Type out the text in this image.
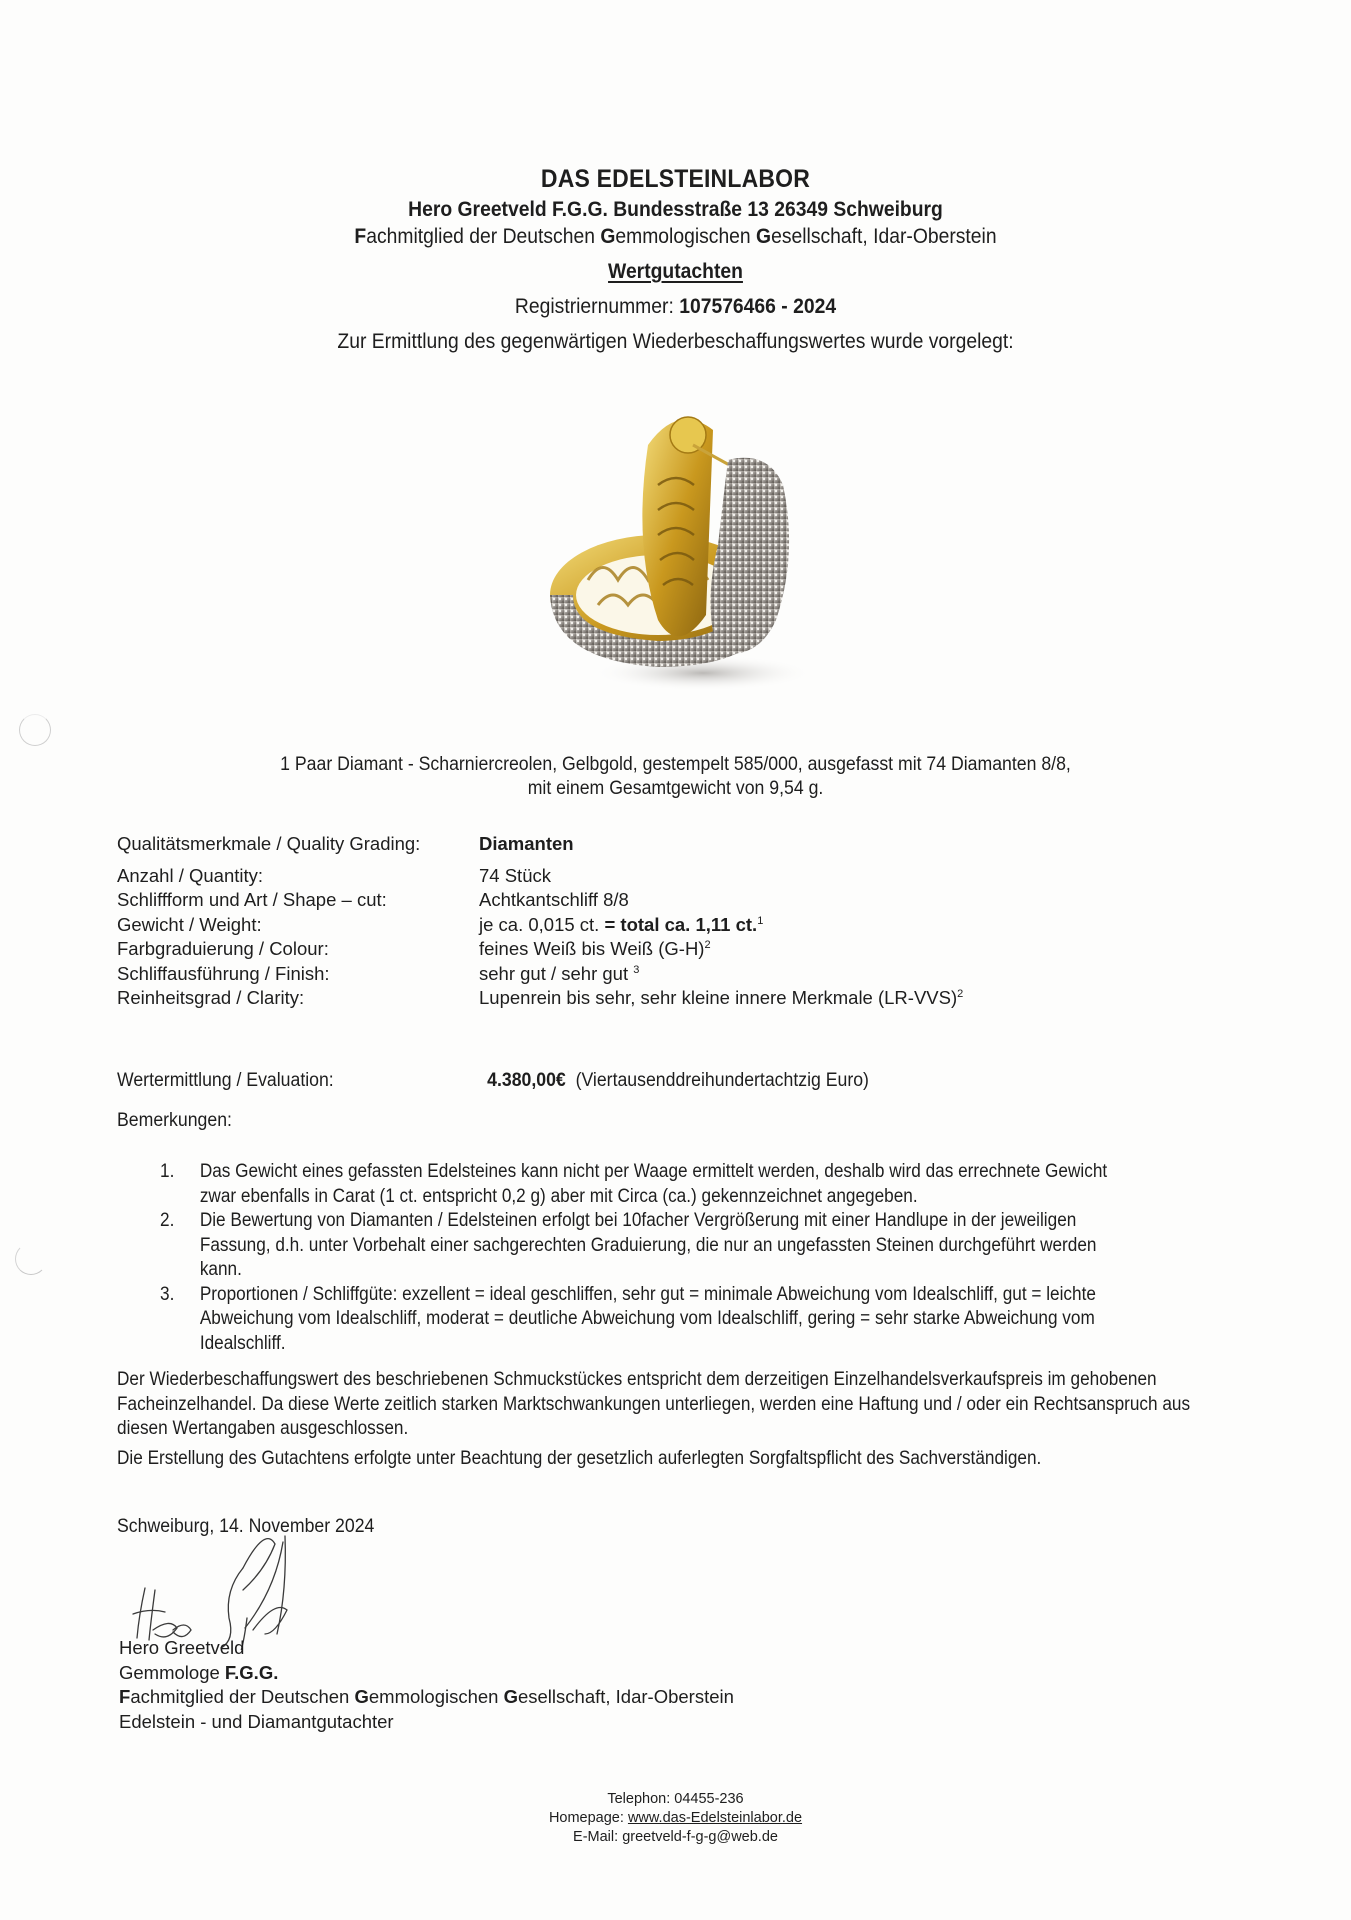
DAS EDELSTEINLABOR
Hero Greetveld F.G.G. Bundesstraße 13 26349 Schweiburg
Fachmitglied der Deutschen Gemmologischen Gesellschaft, Idar-Oberstein
Wertgutachten
Registriernummer: 107576466 - 2024
Zur Ermittlung des gegenwärtigen Wiederbeschaffungswertes wurde vorgelegt:
1 Paar Diamant - Scharniercreolen, Gelbgold, gestempelt 585/000, ausgefasst mit 74 Diamanten 8/8,
mit einem Gesamtgewicht von 9,54 g.
Qualitätsmerkmale / Quality Grading:	Diamanten
Anzahl / Quantity:	74 Stück
Schliffform und Art / Shape – cut:	Achtkantschliff 8/8
Gewicht / Weight:	je ca. 0,015 ct. = total ca. 1,11 ct.$^1$
Farbgraduierung / Colour:	feines Weiß bis Weiß $(G-H)^2$
Schliffausführung / Finish:	sehr gut / sehr gut $^3$
Reinheitsgrad / Clarity:	Lupenrein bis sehr, sehr kleine innere Merkmale $(LR-VVS)^2$
Wertermittlung / Evaluation:	4.380,00€ (Viertausenddreihundertachtzig Euro)
Bemerkungen:
1.	Das Gewicht eines gefassten Edelsteines kann nicht per Waage ermittelt werden, deshalb wird das errechnete Gewicht zwar ebenfalls in Carat (1 ct. entspricht 0,2 g) aber mit Circa (ca.) gekennzeichnet angegeben.
2.	Die Bewertung von Diamanten / Edelsteinen erfolgt bei 10facher Vergrößerung mit einer Handlupe in der jeweiligen Fassung, d.h. unter Vorbehalt einer sachgerechten Graduierung, die nur an ungefassten Steinen durchgeführt werden kann.
3.	Proportionen / Schliffgüte: exzellent = ideal geschliffen, sehr gut = minimale Abweichung vom Idealschliff, gut = leichte Abweichung vom Idealschliff, moderat = deutliche Abweichung vom Idealschliff, gering = sehr starke Abweichung vom Idealschliff.
Der Wiederbeschaffungswert des beschriebenen Schmuckstückes entspricht dem derzeitigen Einzelhandelsverkaufspreis im gehobenen Facheinzelhandel. Da diese Werte zeitlich starken Marktschwankungen unterliegen, werden eine Haftung und / oder ein Rechtsanspruch aus diesen Wertangaben ausgeschlossen.
Die Erstellung des Gutachtens erfolgte unter Beachtung der gesetzlich auferlegten Sorgfaltspflicht des Sachverständigen.
Schweiburg, 14. November 2024
Hero Greetveld
Gemmologe F.G.G.
Fachmitglied der Deutschen Gemmologischen Gesellschaft, Idar-Oberstein
Edelstein - und Diamantgutachter
Telephon: 04455-236
Homepage: www.das-Edelsteinlabor.de
E-Mail: greetveld-f-g-g@web.de
